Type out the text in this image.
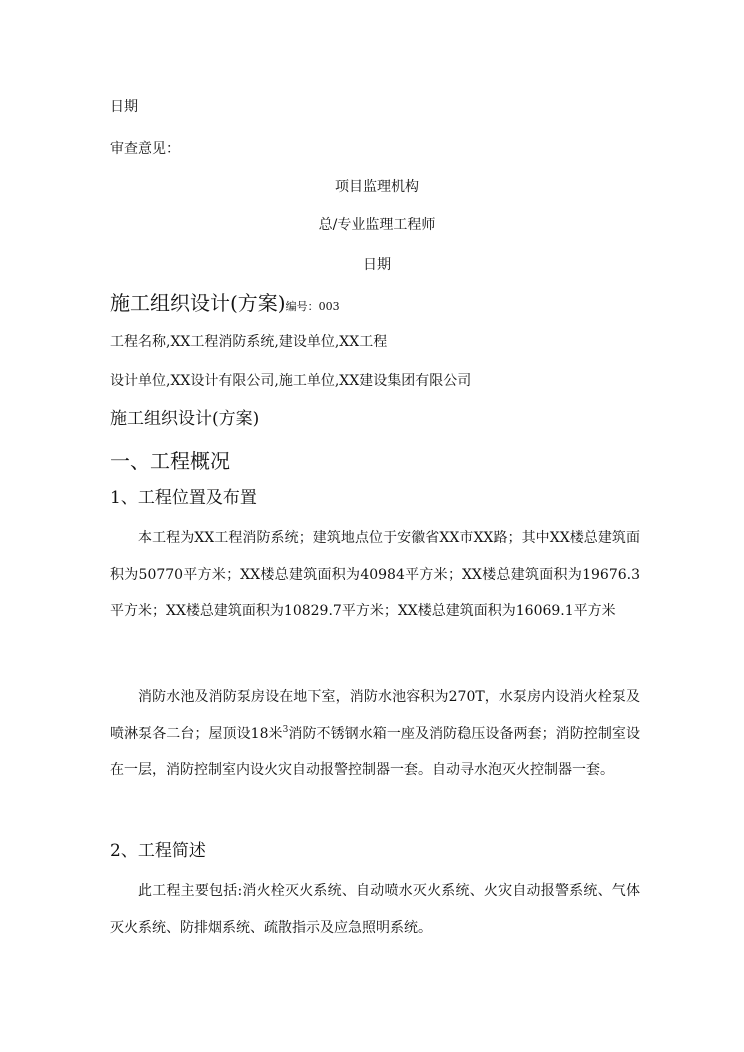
日期
审查意见：
项目监理机构
总/专业监理工程师
日期
施工组织设计(方案)编号：003
工程名称,XX工程消防系统,建设单位,XX工程
设计单位,XX设计有限公司,施工单位,XX建设集团有限公司
施工组织设计(方案)
一、工程概况
1、工程位置及布置
本工程为XX工程消防系统；建筑地点位于安徽省XX市XX路；其中XX楼总建筑面积为50770平方米；XX楼总建筑面积为40984平方米；XX楼总建筑面积为19676.3平方米；XX楼总建筑面积为10829.7平方米；XX楼总建筑面积为16069.1平方米
消防水池及消防泵房设在地下室，消防水池容积为270T，水泵房内设消火栓泵及喷淋泵各二台；屋顶设18米$^3$消防不锈钢水箱一座及消防稳压设备两套；消防控制室设在一层，消防控制室内设火灾自动报警控制器一套。自动寻水泡灭火控制器一套。
2、工程简述
此工程主要包括:消火栓灭火系统、自动喷水灭火系统、火灾自动报警系统、气体灭火系统、防排烟系统、疏散指示及应急照明系统。
